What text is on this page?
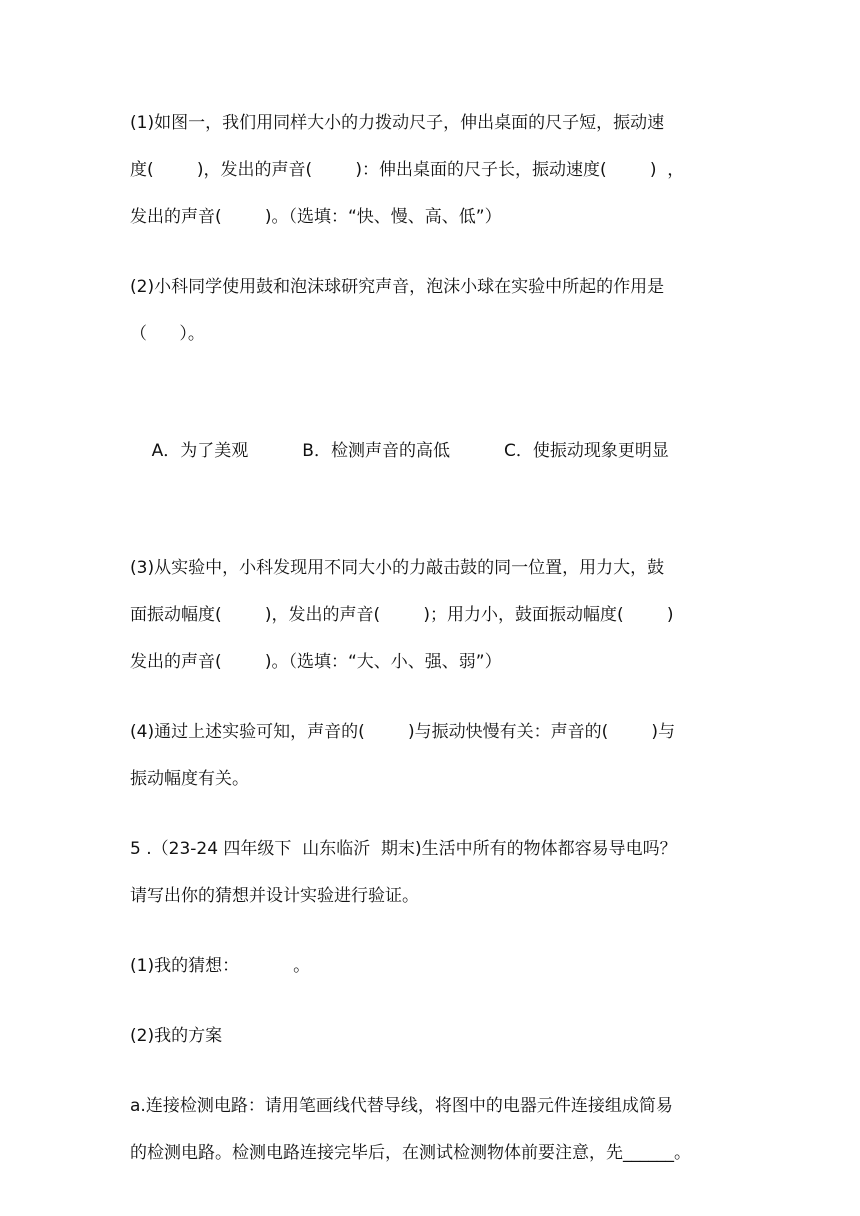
(1)如图一，我们用同样大小的力拨动尺子，伸出桌面的尺子短，振动速
度(        )，发出的声音(        )：伸出桌面的尺子长，振动速度(        )  ，
发出的声音(        )。（选填：“快、慢、高、低”）
(2)小科同学使用鼓和泡沫球研究声音，泡沫小球在实验中所起的作用是
（      ）。

A．为了美观          B．检测声音的高低          C．使振动现象更明显

(3)从实验中，小科发现用不同大小的力敲击鼓的同一位置，用力大，鼓
面振动幅度(        )，发出的声音(        )；用力小，鼓面振动幅度(        )
发出的声音(        )。（选填：“大、小、强、弱”）
(4)通过上述实验可知，声音的(        )与振动快慢有关：声音的(        )与
振动幅度有关。
5 .（23-24 四年级下  山东临沂  期末)生活中所有的物体都容易导电吗？
请写出你的猜想并设计实验进行验证。
(1)我的猜想：          。
(2)我的方案
a.连接检测电路：请用笔画线代替导线，将图中的电器元件连接组成简易
的检测电路。检测电路连接完毕后，在测试检测物体前要注意，先______。
